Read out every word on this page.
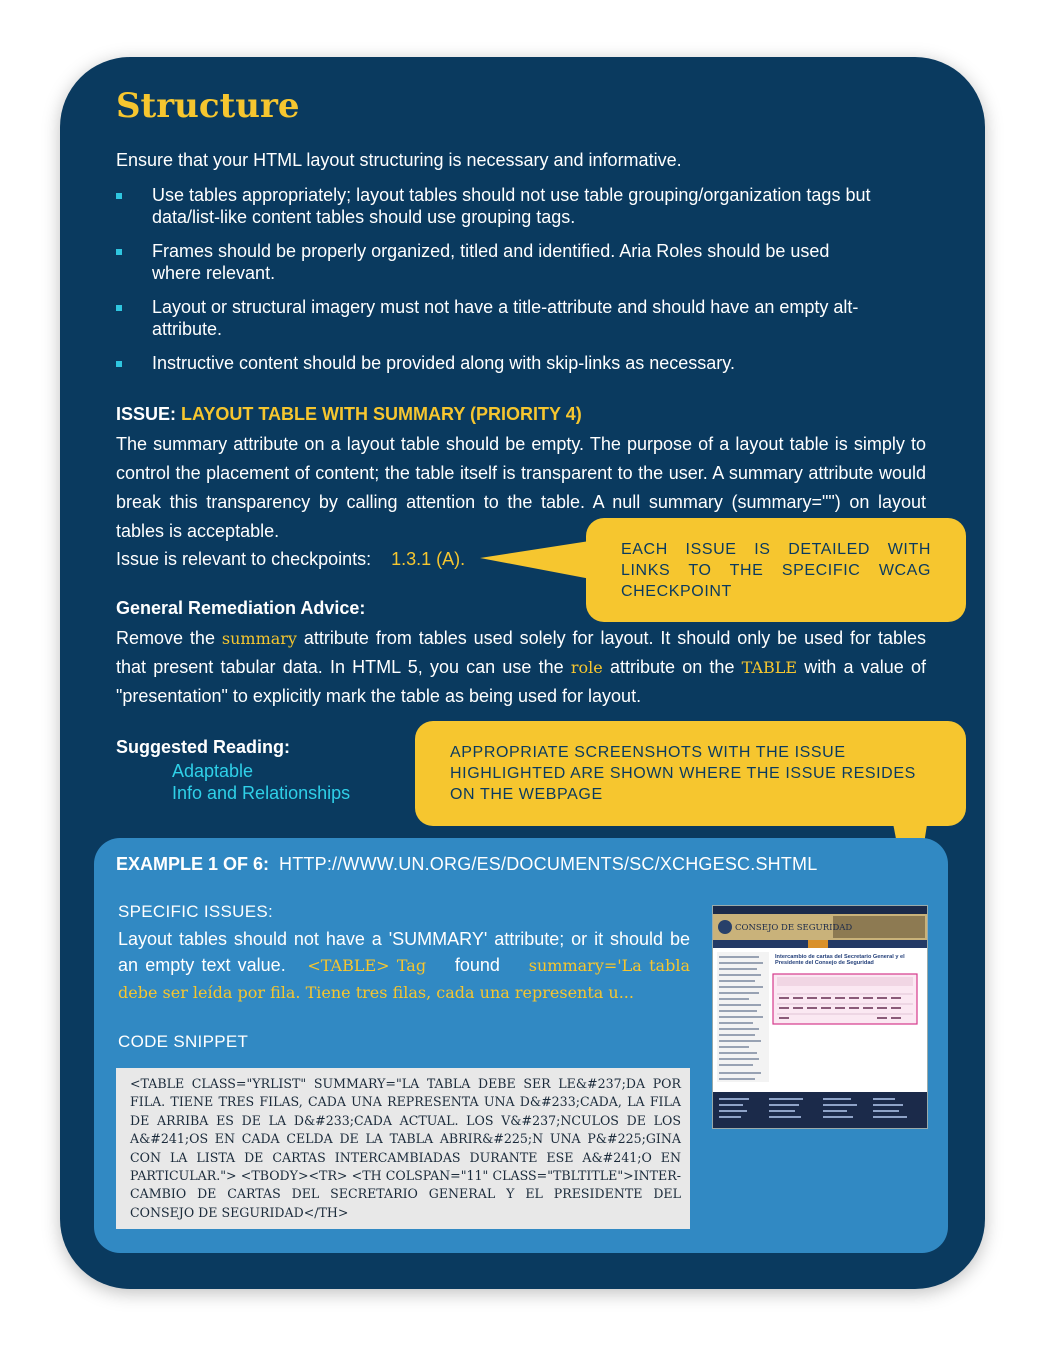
Structure
Ensure that your HTML layout structuring is necessary and informative.
Use tables appropriately; layout tables should not use table grouping/organization tags but data/list-like content tables should use grouping tags.
Frames should be properly organized, titled and identified. Aria Roles should be used where relevant.
Layout or structural imagery must not have a title-attribute and should have an empty alt-attribute.
Instructive content should be provided along with skip-links as necessary.
ISSUE: LAYOUT TABLE WITH SUMMARY (PRIORITY 4)

The summary attribute on a layout table should be empty. The purpose of a layout table is simply to control the placement of content; the table itself is transparent to the user. A summary attribute would break this transparency by calling attention to the table. A null summary (summary="") on layout tables is acceptable.

Issue is relevant to checkpoints: 1.3.1 (A).
General Remediation Advice:

Remove the summary attribute from tables used solely for layout. It should only be used for tables that present tabular data. In HTML 5, you can use the role attribute on the TABLE with a value of "presentation" to explicitly mark the table as being used for layout.

Suggested Reading:
Adaptable
Info and Relationships
EACH ISSUE IS DETAILED WITH LINKS TO THE SPECIFIC WCAG CHECKPOINT
APPROPRIATE SCREENSHOTS WITH THE ISSUE HIGHLIGHTED ARE SHOWN WHERE THE ISSUE RESIDES ON THE WEBPAGE
EXAMPLE 1 OF 6: HTTP://WWW.UN.ORG/ES/DOCUMENTS/SC/XCHGESC.SHTML
SPECIFIC ISSUES:

Layout tables should not have a 'SUMMARY' attribute; or it should be an empty text value. <TABLE> Tag found summary='La tabla debe ser leída por fila. Tiene tres filas, cada una representa u...

CODE SNIPPET
<TABLE CLASS="YRLIST" SUMMARY="LA TABLA DEBE SER LE&#237;DA POR FILA. TIENE TRES FILAS, CADA UNA REPRESENTA UNA D&#233;CADA, LA FILA DE ARRIBA ES DE LA D&#233;CADA ACTUAL. LOS V&#237;NCULOS DE LOS A&#241;OS EN CADA CELDA DE LA TABLA ABRIR&#225;N UNA P&#225;GINA CON LA LISTA DE CARTAS INTERCAMBIADAS DURANTE ESE A&#241;O EN PARTICULAR."> <TBODY><TR> <TH COLSPAN="11" CLASS="TBLTITLE">INTER-CAMBIO DE CARTAS DEL SECRETARIO GENERAL Y EL PRESIDENTE DEL CONSEJO DE SEGURIDAD</TH>
CONSEJO DE SEGURIDAD
Intercambio de cartas del Secretario General y el Presidente del Consejo de Seguridad
